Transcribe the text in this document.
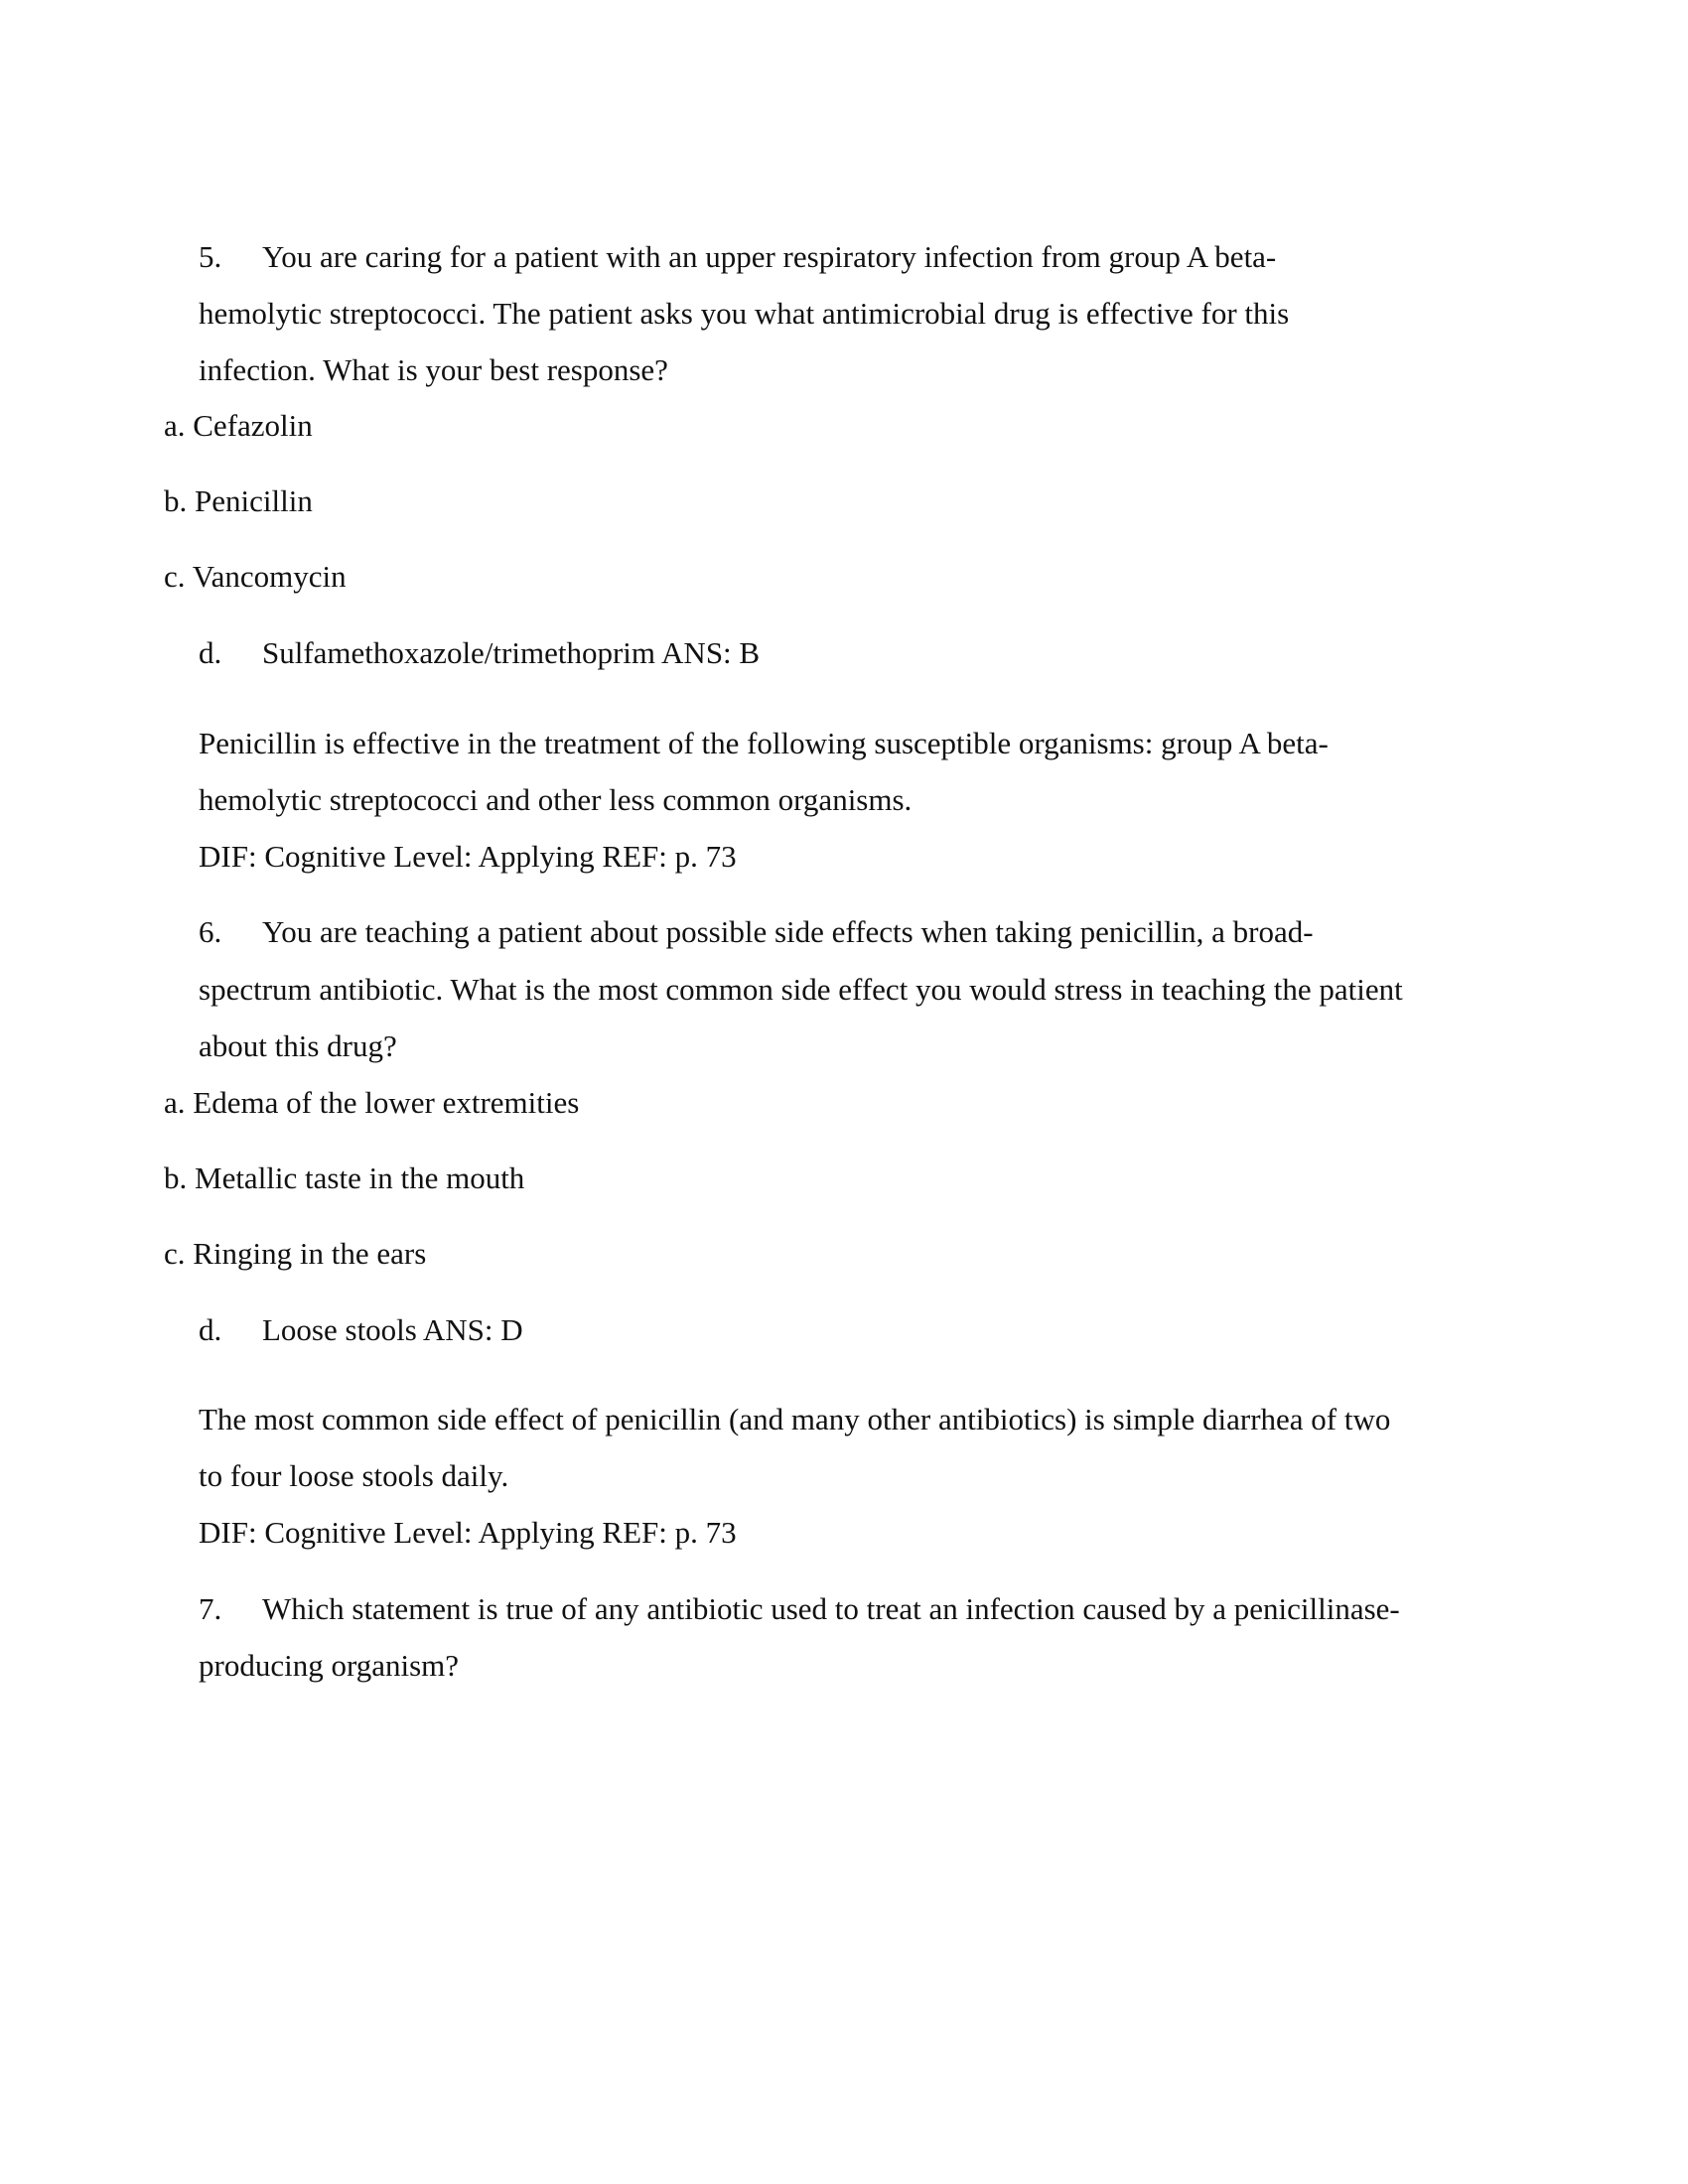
5. You are caring for a patient with an upper respiratory infection from group A beta-
hemolytic streptococci. The patient asks you what antimicrobial drug is effective for this
infection. What is your best response?
a. Cefazolin
b. Penicillin
c. Vancomycin
d. Sulfamethoxazole/trimethoprim ANS: B
Penicillin is effective in the treatment of the following susceptible organisms: group A beta-
hemolytic streptococci and other less common organisms.
DIF: Cognitive Level: Applying REF: p. 73
6. You are teaching a patient about possible side effects when taking penicillin, a broad-
spectrum antibiotic. What is the most common side effect you would stress in teaching the patient
about this drug?
a. Edema of the lower extremities
b. Metallic taste in the mouth
c. Ringing in the ears
d. Loose stools ANS: D
The most common side effect of penicillin (and many other antibiotics) is simple diarrhea of two
to four loose stools daily.
DIF: Cognitive Level: Applying REF: p. 73
7. Which statement is true of any antibiotic used to treat an infection caused by a penicillinase-
producing organism?
